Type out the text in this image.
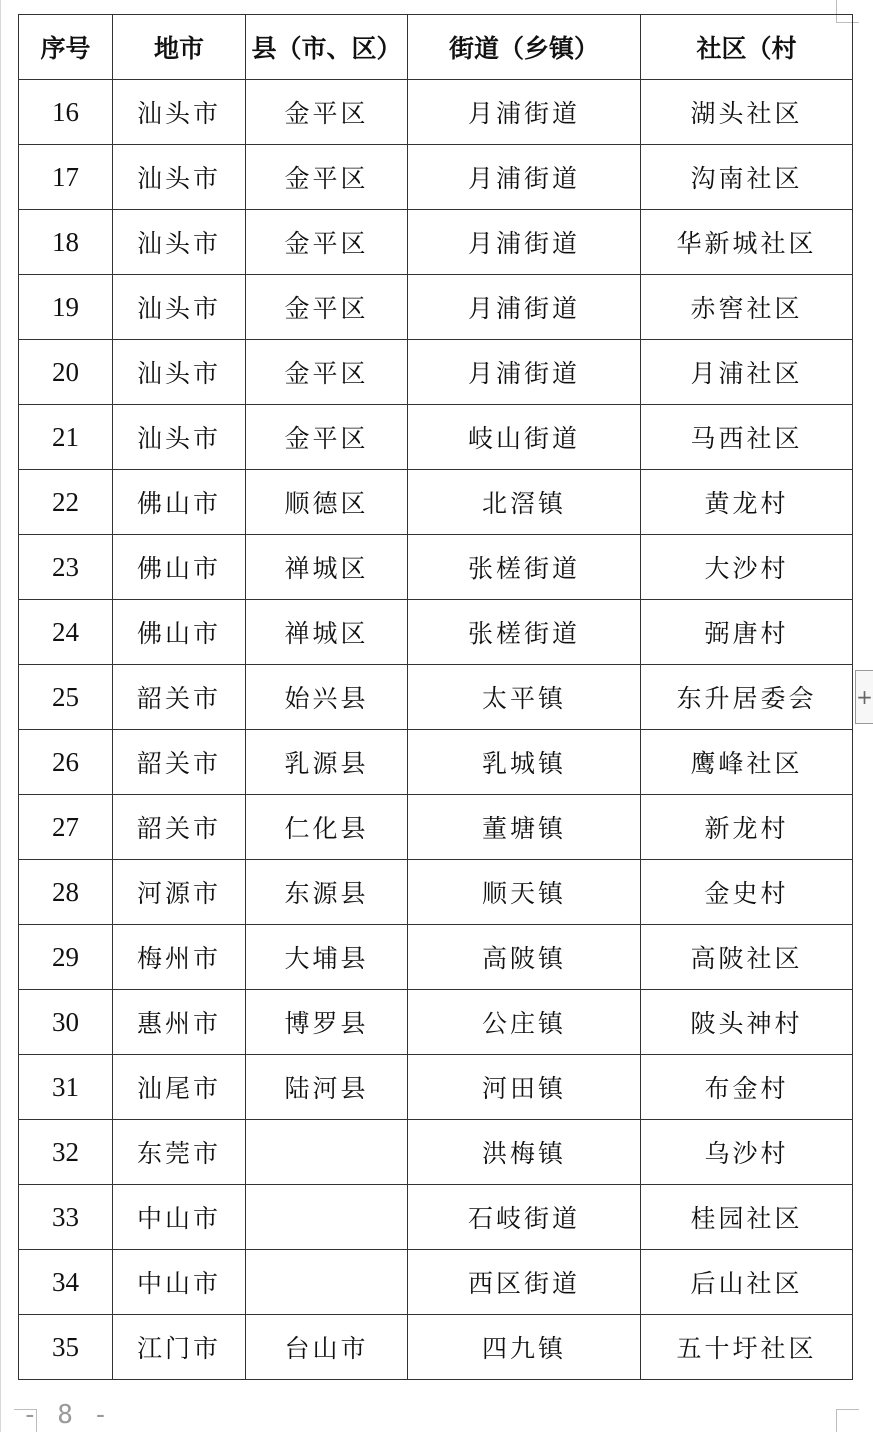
序号	地市	县（市、区）	街道（乡镇）	社区（村
16	汕头市	金平区	月浦街道	湖头社区
17	汕头市	金平区	月浦街道	沟南社区
18	汕头市	金平区	月浦街道	华新城社区
19	汕头市	金平区	月浦街道	赤窖社区
20	汕头市	金平区	月浦街道	月浦社区
21	汕头市	金平区	岐山街道	马西社区
22	佛山市	顺德区	北滘镇	黄龙村
23	佛山市	禅城区	张槎街道	大沙村
24	佛山市	禅城区	张槎街道	弼唐村
25	韶关市	始兴县	太平镇	东升居委会
26	韶关市	乳源县	乳城镇	鹰峰社区
27	韶关市	仁化县	董塘镇	新龙村
28	河源市	东源县	顺天镇	金史村
29	梅州市	大埔县	高陂镇	高陂社区
30	惠州市	博罗县	公庄镇	陂头神村
31	汕尾市	陆河县	河田镇	布金村
32	东莞市		洪梅镇	乌沙村
33	中山市		石岐街道	桂园社区
34	中山市		西区街道	后山社区
35	江门市	台山市	四九镇	五十圩社区
+
- 8 -
